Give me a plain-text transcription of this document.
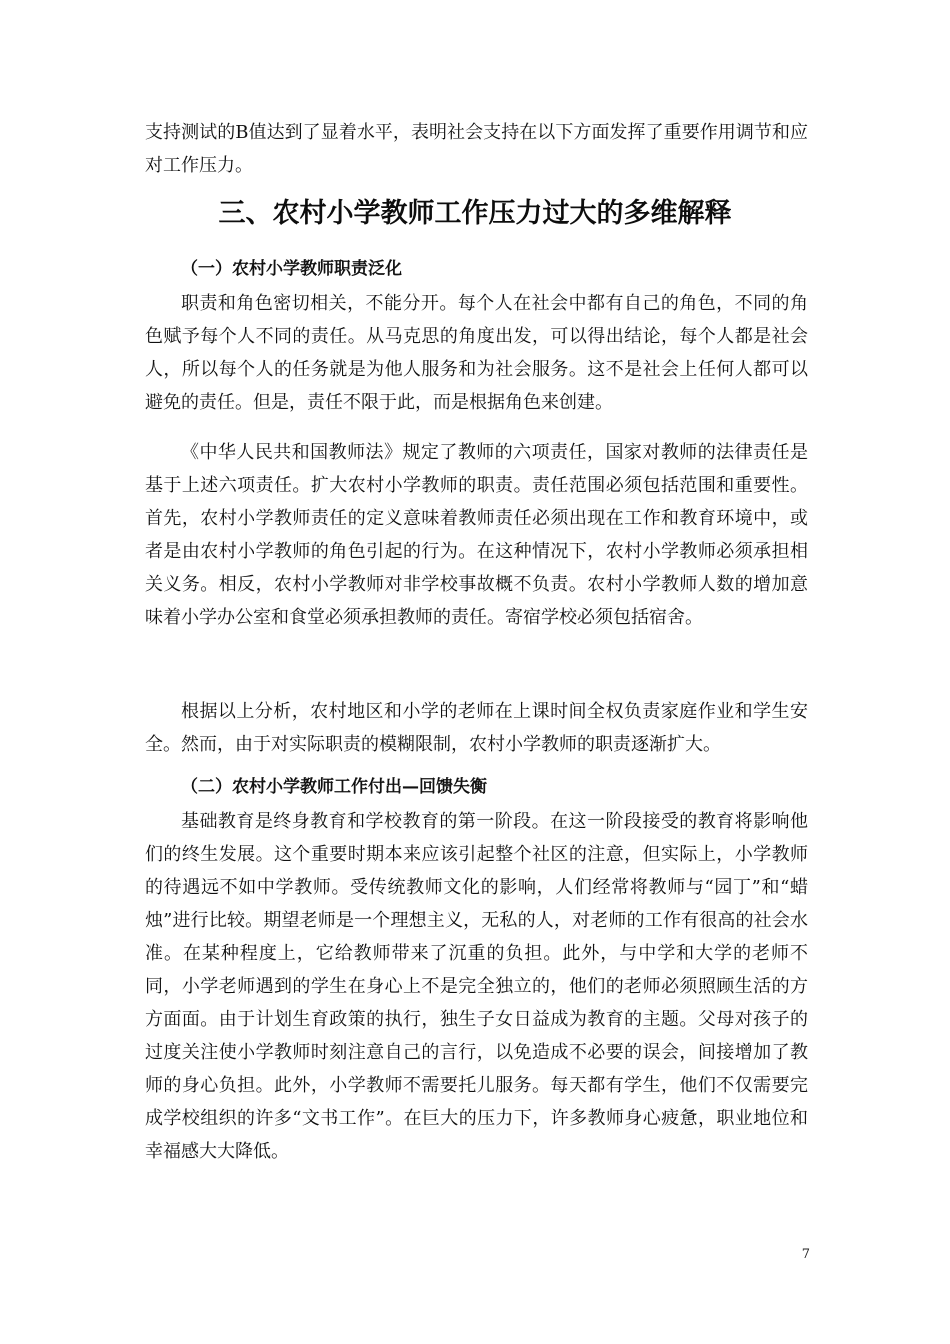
支持测试的Β值达到了显着水平，表明社会支持在以下方面发挥了重要作用调节和应对工作压力。

三、农村小学教师工作压力过大的多维解释
（一）农村小学教师职责泛化

职责和角色密切相关，不能分开。每个人在社会中都有自己的角色，不同的角色赋予每个人不同的责任。从马克思的角度出发，可以得出结论，每个人都是社会人，所以每个人的任务就是为他人服务和为社会服务。这不是社会上任何人都可以避免的责任。但是，责任不限于此，而是根据角色来创建。

《中华人民共和国教师法》规定了教师的六项责任，国家对教师的法律责任是基于上述六项责任。扩大农村小学教师的职责。责任范围必须包括范围和重要性。首先，农村小学教师责任的定义意味着教师责任必须出现在工作和教育环境中，或者是由农村小学教师的角色引起的行为。在这种情况下，农村小学教师必须承担相关义务。相反，农村小学教师对非学校事故概不负责。农村小学教师人数的增加意味着小学办公室和食堂必须承担教师的责任。寄宿学校必须包括宿舍。

根据以上分析，农村地区和小学的老师在上课时间全权负责家庭作业和学生安全。然而，由于对实际职责的模糊限制，农村小学教师的职责逐渐扩大。

（二）农村小学教师工作付出—回馈失衡

基础教育是终身教育和学校教育的第一阶段。在这一阶段接受的教育将影响他们的终生发展。这个重要时期本来应该引起整个社区的注意，但实际上，小学教师的待遇远不如中学教师。受传统教师文化的影响，人们经常将教师与“园丁”和“蜡烛”进行比较。期望老师是一个理想主义，无私的人，对老师的工作有很高的社会水准。在某种程度上，它给教师带来了沉重的负担。此外，与中学和大学的老师不同，小学老师遇到的学生在身心上不是完全独立的，他们的老师必须照顾生活的方方面面。由于计划生育政策的执行，独生子女日益成为教育的主题。父母对孩子的过度关注使小学教师时刻注意自己的言行，以免造成不必要的误会，间接增加了教师的身心负担。此外，小学教师不需要托儿服务。每天都有学生，他们不仅需要完成学校组织的许多“文书工作”。在巨大的压力下，许多教师身心疲惫，职业地位和幸福感大大降低。

7
